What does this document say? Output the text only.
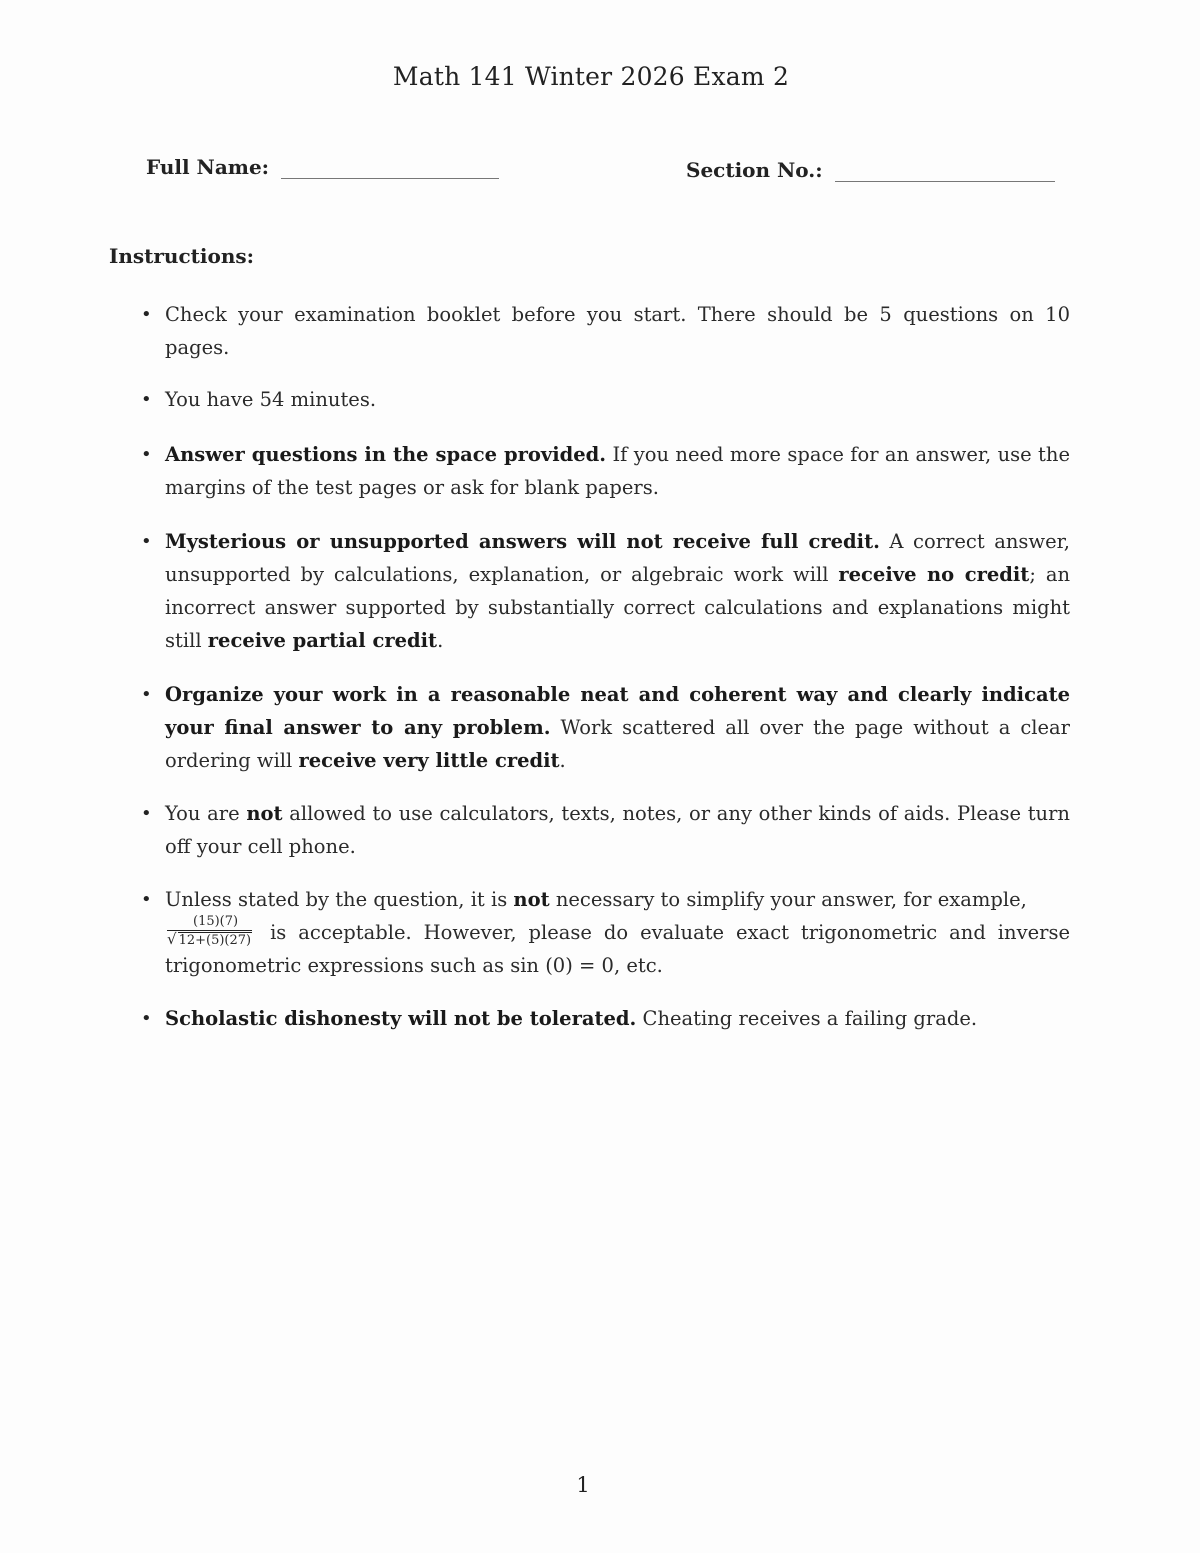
Math 141 Winter 2026 Exam 2
Full Name:	Section No.:
Instructions:
• Check your examination booklet before you start. There should be 5 questions on 10 pages.
• You have 54 minutes.
• Answer questions in the space provided. If you need more space for an answer, use the margins of the test pages or ask for blank papers.
• Mysterious or unsupported answers will not receive full credit. A correct answer, unsupported by calculations, explanation, or algebraic work will receive no credit; an incorrect answer supported by substantially correct calculations and explanations might still receive partial credit.
• Organize your work in a reasonable neat and coherent way and clearly indicate your final answer to any problem. Work scattered all over the page without a clear ordering will receive very little credit.
• You are not allowed to use calculators, texts, notes, or any other kinds of aids. Please turn off your cell phone.
• Unless stated by the question, it is not necessary to simplify your answer, for example,

$\frac{(15)(7)}{√ 12+(5)(27)}$ is acceptable. However, please do evaluate exact trigonometric and inverse trigonometric expressions such as sin (0) = 0, etc.
• Scholastic dishonesty will not be tolerated. Cheating receives a failing grade.
1
